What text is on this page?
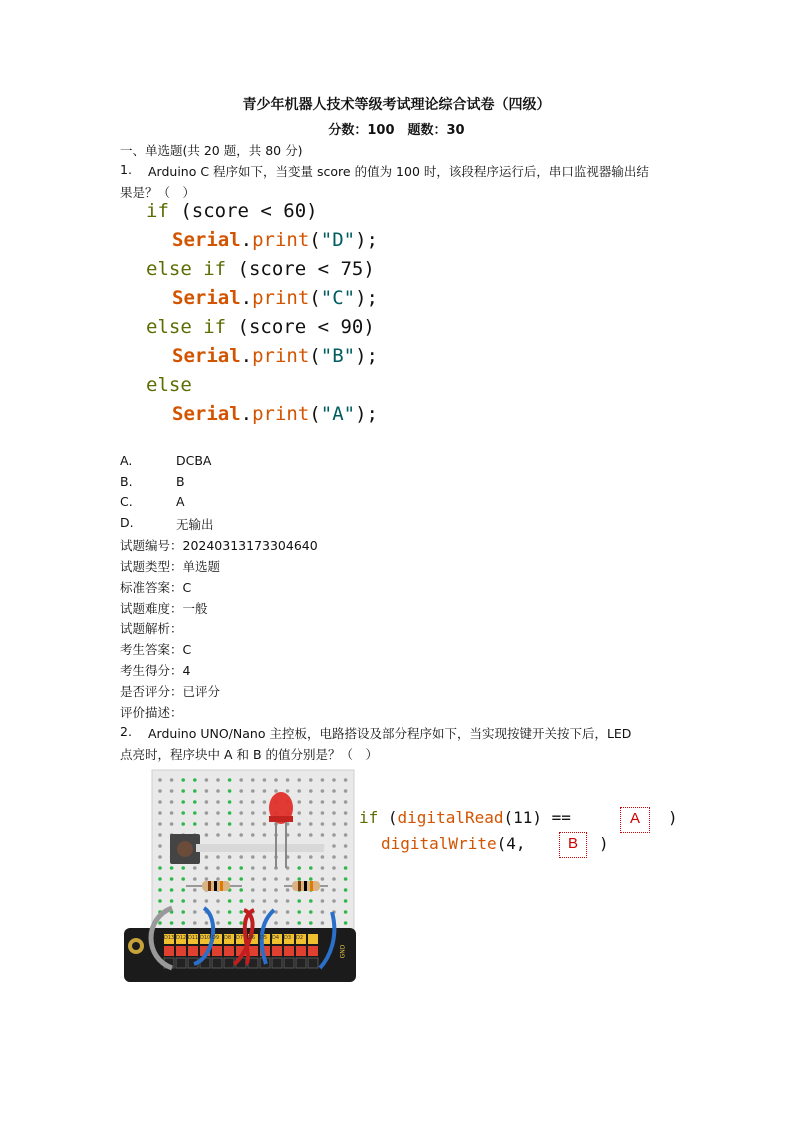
青少年机器人技术等级考试理论综合试卷（四级）
分数：100　题数：30
一、单选题(共 20 题，共 80 分)
1. Arduino C 程序如下，当变量 score 的值为 100 时，该段程序运行后，串口监视器输出结
果是？（　）
if (score < 60)
Serial.print("D");
else if (score < 75)
Serial.print("C");
else if (score < 90)
Serial.print("B");
else
Serial.print("A");
A.	DCBA
B.	B
C.	A
D.	无输出
试题编号：20240313173304640
试题类型：单选题
标准答案：C
试题难度：一般
试题解析：
考生答案：C
考生得分：4
是否评分：已评分
评价描述：
2. Arduino UNO/Nano 主控板，电路搭设及部分程序如下，当实现按键开关按下后，LED
点亮时，程序块中 A 和 B 的值分别是？（　）
D13 D12 D11 D10 D9 D8 D7 D6 D5 D4 D3 D2
GND
if (digitalRead(11) ==	A	)
digitalWrite(4,	B	)
